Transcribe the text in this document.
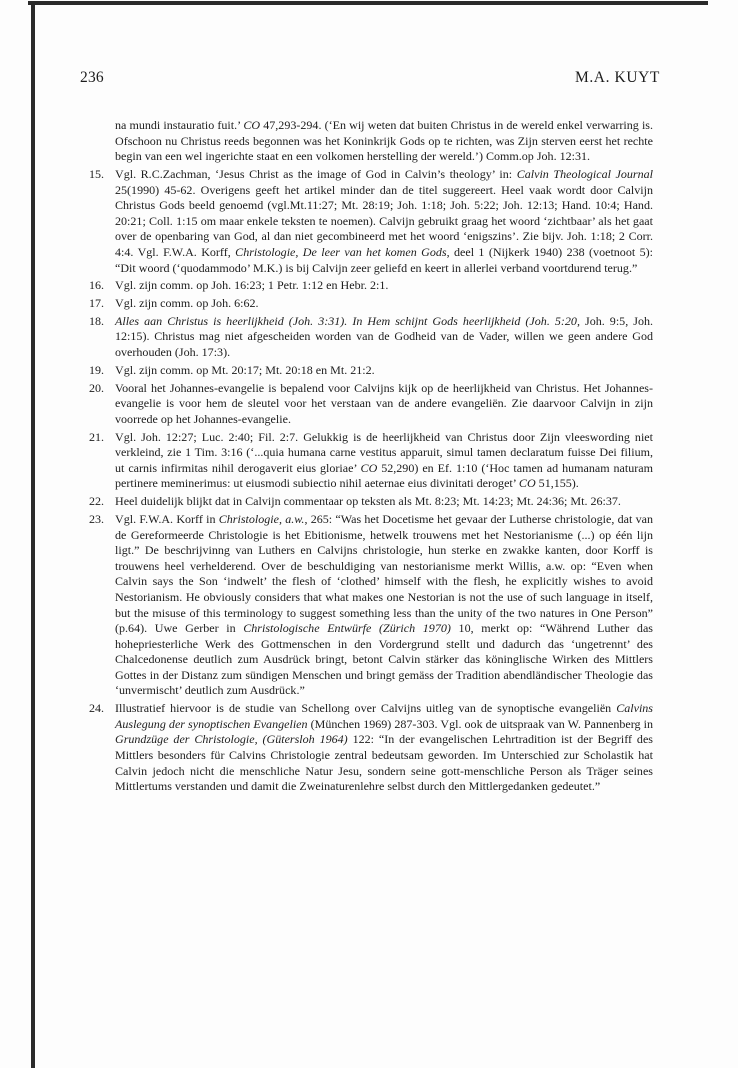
236	M.A. KUYT
na mundi instauratio fuit.’ CO 47,293-294. (‘En wij weten dat buiten Christus in de wereld enkel verwarring is. Ofschoon nu Christus reeds begonnen was het Koninkrijk Gods op te richten, was Zijn sterven eerst het rechte begin van een wel ingerichte staat en een volkomen herstelling der wereld.’) Comm.op Joh. 12:31.
15. Vgl. R.C.Zachman, ‘Jesus Christ as the image of God in Calvin’s theology’ in: Calvin Theological Journal 25(1990) 45-62. Overigens geeft het artikel minder dan de titel suggereert. Heel vaak wordt door Calvijn Christus Gods beeld genoemd (vgl.Mt.11:27; Mt. 28:19; Joh. 1:18; Joh. 5:22; Joh. 12:13; Hand. 10:4; Hand. 20:21; Coll. 1:15 om maar enkele teksten te noemen). Calvijn gebruikt graag het woord ‘zichtbaar’ als het gaat over de openbaring van God, al dan niet gecombineerd met het woord ‘enigszins’. Zie bijv. Joh. 1:18; 2 Corr. 4:4. Vgl. F.W.A. Korff, Christologie, De leer van het komen Gods, deel 1 (Nijkerk 1940) 238 (voetnoot 5): “Dit woord (‘quodammodo’ M.K.) is bij Calvijn zeer geliefd en keert in allerlei verband voortdurend terug.”
16. Vgl. zijn comm. op Joh. 16:23; 1 Petr. 1:12 en Hebr. 2:1.
17. Vgl. zijn comm. op Joh. 6:62.
18. Alles aan Christus is heerlijkheid (Joh. 3:31). In Hem schijnt Gods heerlijkheid (Joh. 5:20, Joh. 9:5, Joh. 12:15). Christus mag niet afgescheiden worden van de Godheid van de Vader, willen we geen andere God overhouden (Joh. 17:3).
19. Vgl. zijn comm. op Mt. 20:17; Mt. 20:18 en Mt. 21:2.
20. Vooral het Johannes-evangelie is bepalend voor Calvijns kijk op de heerlijkheid van Christus. Het Johannes-evangelie is voor hem de sleutel voor het verstaan van de andere evangeliën. Zie daarvoor Calvijn in zijn voorrede op het Johannes-evangelie.
21. Vgl. Joh. 12:27; Luc. 2:40; Fil. 2:7. Gelukkig is de heerlijkheid van Christus door Zijn vleeswording niet verkleind, zie 1 Tim. 3:16 (‘...quia humana carne vestitus apparuit, simul tamen declaratum fuisse Dei filium, ut carnis infirmitas nihil derogaverit eius gloriae’ CO 52,290) en Ef. 1:10 (‘Hoc tamen ad humanam naturam pertinere meminerimus: ut eiusmodi subiectio nihil aeternae eius divinitati deroget’ CO 51,155).
22. Heel duidelijk blijkt dat in Calvijn commentaar op teksten als Mt. 8:23; Mt. 14:23; Mt. 24:36; Mt. 26:37.
23. Vgl. F.W.A. Korff in Christologie, a.w., 265: “Was het Docetisme het gevaar der Lutherse christologie, dat van de Gereformeerde Christologie is het Ebitionisme, hetwelk trouwens met het Nestorianisme (...) op één lijn ligt.” De beschrijvinng van Luthers en Calvijns christologie, hun sterke en zwakke kanten, door Korff is trouwens heel verhelderend. Over de beschuldiging van nestorianisme merkt Willis, a.w. op: “Even when Calvin says the Son ‘indwelt’ the flesh of ‘clothed’ himself with the flesh, he explicitly wishes to avoid Nestorianism. He obviously considers that what makes one Nestorian is not the use of such language in itself, but the misuse of this terminology to suggest something less than the unity of the two natures in One Person” (p.64). Uwe Gerber in Christologische Entwürfe (Zürich 1970) 10, merkt op: “Während Luther das hohepriesterliche Werk des Gottmenschen in den Vordergrund stellt und dadurch das ‘ungetrennt’ des Chalcedonense deutlich zum Ausdrück bringt, betont Calvin stärker das köninglische Wirken des Mittlers Gottes in der Distanz zum sündigen Menschen und bringt gemäss der Tradition abendländischer Theologie das ‘unvermischt’ deutlich zum Ausdrück.”
24. Illustratief hiervoor is de studie van Schellong over Calvijns uitleg van de synoptische evangeliën Calvins Auslegung der synoptischen Evangelien (München 1969) 287-303. Vgl. ook de uitspraak van W. Pannenberg in Grundzüge der Christologie, (Gütersloh 1964) 122: “In der evangelischen Lehrtradition ist der Begriff des Mittlers besonders für Calvins Christologie zentral bedeutsam geworden. Im Unterschied zur Scholastik hat Calvin jedoch nicht die menschliche Natur Jesu, sondern seine gott-menschliche Person als Träger seines Mittlertums verstanden und damit die Zweinaturenlehre selbst durch den Mittlergedanken gedeutet.”
